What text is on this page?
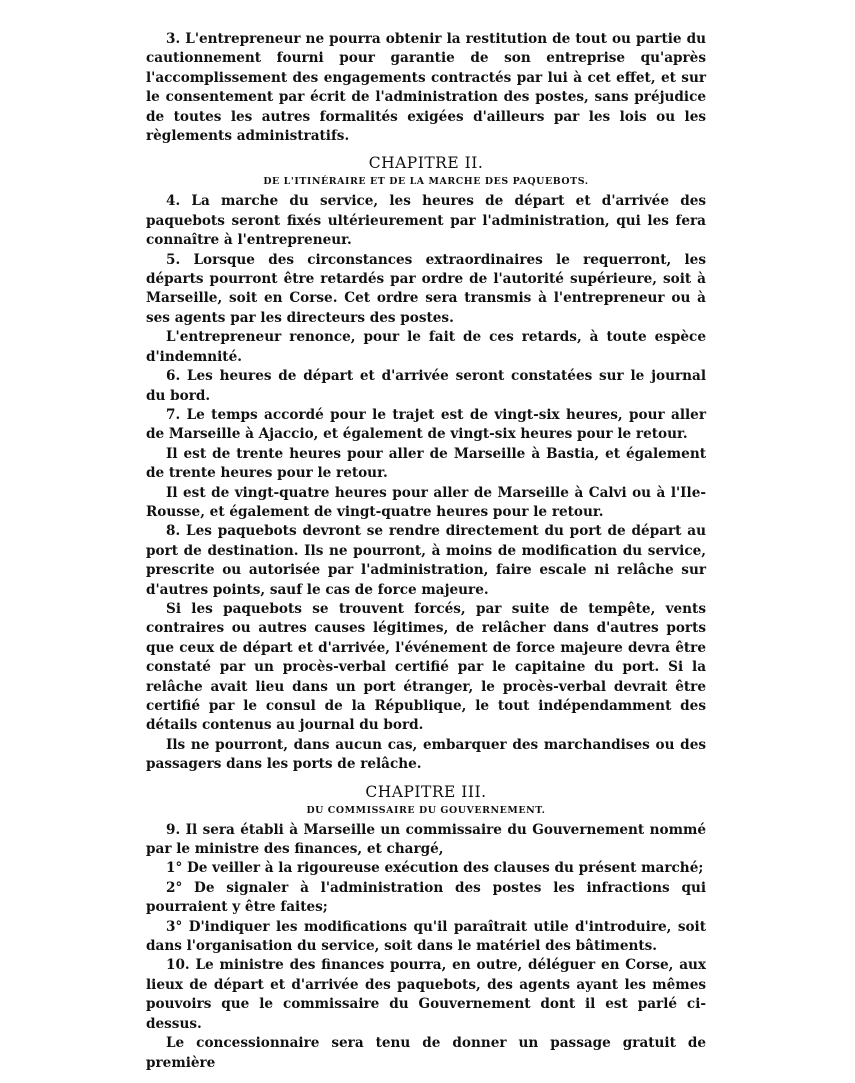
3. L'entrepreneur ne pourra obtenir la restitution de tout ou partie du cautionnement fourni pour garantie de son entreprise qu'après l'accomplissement des engagements contractés par lui à cet effet, et sur le consentement par écrit de l'administration des postes, sans préjudice de toutes les autres formalités exigées d'ailleurs par les lois ou les règlements administratifs.

CHAPITRE II.
DE L'ITINÉRAIRE ET DE LA MARCHE DES PAQUEBOTS.

4. La marche du service, les heures de départ et d'arrivée des paquebots seront fixés ultérieurement par l'administration, qui les fera connaître à l'entrepreneur.

5. Lorsque des circonstances extraordinaires le requerront, les départs pourront être retardés par ordre de l'autorité supérieure, soit à Marseille, soit en Corse. Cet ordre sera transmis à l'entrepreneur ou à ses agents par les directeurs des postes.

L'entrepreneur renonce, pour le fait de ces retards, à toute espèce d'indemnité.

6. Les heures de départ et d'arrivée seront constatées sur le journal du bord.

7. Le temps accordé pour le trajet est de vingt-six heures, pour aller de Marseille à Ajaccio, et également de vingt-six heures pour le retour.

Il est de trente heures pour aller de Marseille à Bastia, et également de trente heures pour le retour.

Il est de vingt-quatre heures pour aller de Marseille à Calvi ou à l'Ile-Rousse, et également de vingt-quatre heures pour le retour.

8. Les paquebots devront se rendre directement du port de départ au port de destination. Ils ne pourront, à moins de modification du service, prescrite ou autorisée par l'administration, faire escale ni relâche sur d'autres points, sauf le cas de force majeure.

Si les paquebots se trouvent forcés, par suite de tempête, vents contraires ou autres causes légitimes, de relâcher dans d'autres ports que ceux de départ et d'arrivée, l'événement de force majeure devra être constaté par un procès-verbal certifié par le capitaine du port. Si la relâche avait lieu dans un port étranger, le procès-verbal devrait être certifié par le consul de la République, le tout indépendamment des détails contenus au journal du bord.

Ils ne pourront, dans aucun cas, embarquer des marchandises ou des passagers dans les ports de relâche.

CHAPITRE III.
DU COMMISSAIRE DU GOUVERNEMENT.

9. Il sera établi à Marseille un commissaire du Gouvernement nommé par le ministre des finances, et chargé,

1° De veiller à la rigoureuse exécution des clauses du présent marché;

2° De signaler à l'administration des postes les infractions qui pourraient y être faites;

3° D'indiquer les modifications qu'il paraîtrait utile d'introduire, soit dans l'organisation du service, soit dans le matériel des bâtiments.

10. Le ministre des finances pourra, en outre, déléguer en Corse, aux lieux de départ et d'arrivée des paquebots, des agents ayant les mêmes pouvoirs que le commissaire du Gouvernement dont il est parlé ci-dessus.

Le concessionnaire sera tenu de donner un passage gratuit de première
